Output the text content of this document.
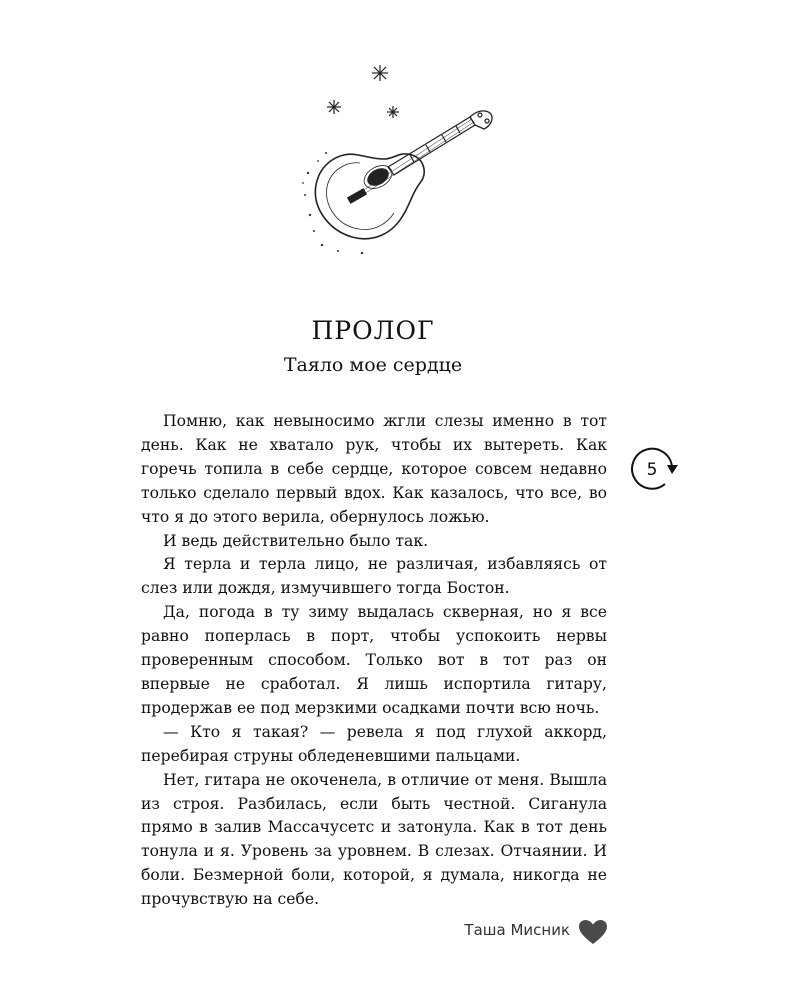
ПРОЛОГ
Таяло мое сердце

Помню, как невыносимо жгли слезы именно в тот день. Как не хватало рук, чтобы их вытереть. Как горечь топила в себе сердце, которое совсем недавно только сделало первый вдох. Как казалось, что все, во что я до этого верила, обернулось ложью.

И ведь действительно было так.

Я терла и терла лицо, не различая, избавляясь от слез или дождя, измучившего тогда Бостон.

Да, погода в ту зиму выдалась скверная, но я все равно поперлась в порт, чтобы успокоить нервы проверенным способом. Только вот в тот раз он впервые не сработал. Я лишь испортила гитару, продержав ее под мерзкими осадками почти всю ночь.

— Кто я такая? — ревела я под глухой аккорд, перебирая струны обледеневшими пальцами.

Нет, гитара не окоченела, в отличие от меня. Вышла из строя. Разбилась, если быть честной. Сиганула прямо в залив Массачусетс и затонула. Как в тот день тонула и я. Уровень за уровнем. В слезах. Отчаянии. И боли. Безмерной боли, которой, я думала, никогда не прочувствую на себе.

5
Таша Мисник
